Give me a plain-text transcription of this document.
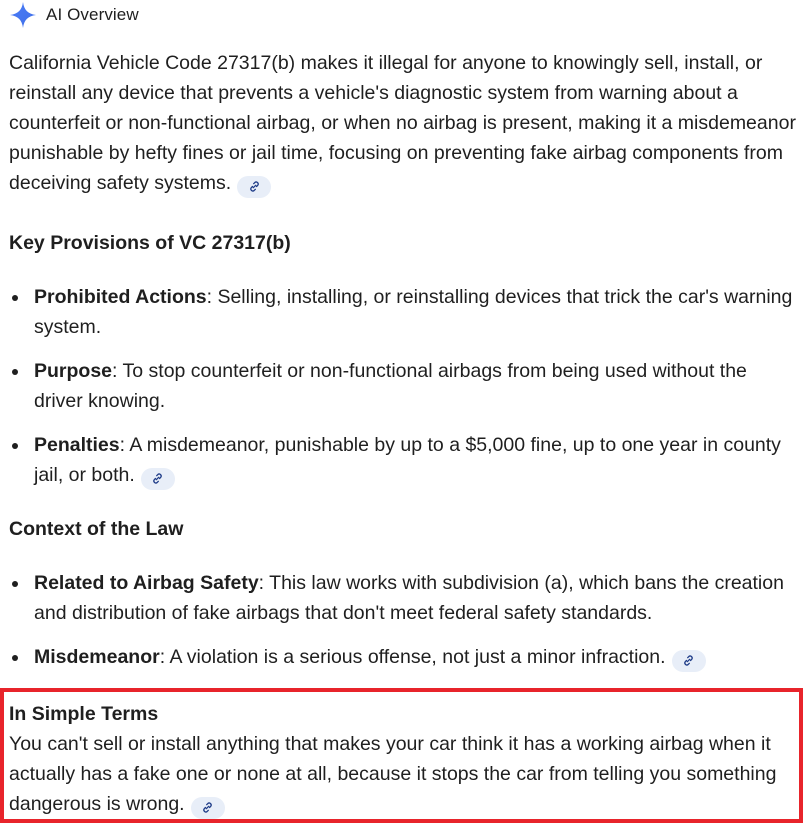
AI Overview

California Vehicle Code 27317(b) makes it illegal for anyone to knowingly sell, install, or reinstall any device that prevents a vehicle's diagnostic system from warning about a counterfeit or non-functional airbag, or when no airbag is present, making it a misdemeanor punishable by hefty fines or jail time, focusing on preventing fake airbag components from deceiving safety systems.

Key Provisions of VC 27317(b)

Prohibited Actions: Selling, installing, or reinstalling devices that trick the car's warning system.
Purpose: To stop counterfeit or non-functional airbags from being used without the driver knowing.
Penalties: A misdemeanor, punishable by up to a $5,000 fine, up to one year in county jail, or both.

Context of the Law

Related to Airbag Safety: This law works with subdivision (a), which bans the creation and distribution of fake airbags that don't meet federal safety standards.
Misdemeanor: A violation is a serious offense, not just a minor infraction.

In Simple Terms

You can't sell or install anything that makes your car think it has a working airbag when it actually has a fake one or none at all, because it stops the car from telling you something dangerous is wrong.
